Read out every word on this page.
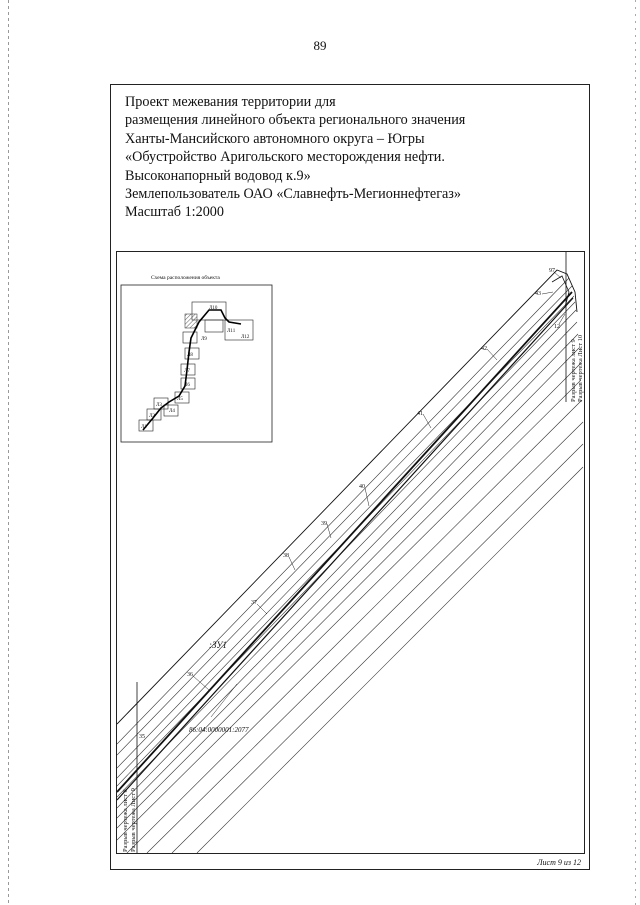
89
Проект межевания территории для
размещения линейного объекта регионального значения
Ханты-Мансийского автономного округа – Югры
«Обустройство Аригольского месторождения нефти.
Высоконапорный водовод к.9»
Землепользователь ОАО «Славнефть-Мегионнефтегаз»
Масштаб 1:2000
36
37
38
39
40
41
42
43
97
12
35
:ЗУ1
86:04:0000001:2077
Разрыв чертежа лист 8 Разрыв чертежа Лист 9
Разрыв чертежа лист 9 Разрыв чертежа Лист 10
Схема расположения объекта
Л1
Л2
Л3
Л4
Л5
Л6
Л7
Л8
Л9
Л10
Л11
Л12
Лист 9 из 12
